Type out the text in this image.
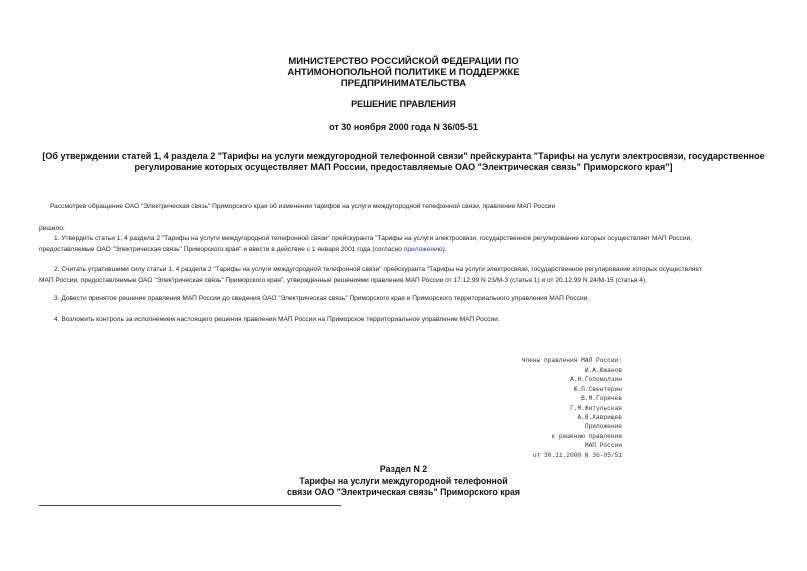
МИНИСТЕРСТВО РОССИЙСКОЙ ФЕДЕРАЦИИ ПО
АНТИМОНОПОЛЬНОЙ ПОЛИТИКЕ И ПОДДЕРЖКЕ
ПРЕДПРИНИМАТЕЛЬСТВА
РЕШЕНИЕ ПРАВЛЕНИЯ
от 30 ноября 2000 года N 36/05-51
[Об утверждении статей 1, 4 раздела 2 "Тарифы на услуги междугородной телефонной связи" прейскуранта "Тарифы на услуги электросвязи, государственное
регулирование которых осуществляет МАП России, предоставляемые ОАО "Электрическая связь" Приморского края"]
Рассмотрев обращение ОАО "Электрическая связь" Приморского края об изменении тарифов на услуги междугородной телефонной связи, правление МАП России
решило:
1. Утвердить статьи 1, 4 раздела 2 "Тарифы на услуги междугородной телефонной связи" прейскуранта "Тарифы на услуги электросвязи, государственное регулирование которых осуществляет МАП России,
предоставляемые ОАО "Электрическая связь" Приморского края" и ввести в действие с 1 января 2001 года (согласно приложению).
2. Считать утратившими силу статьи 1, 4 раздела 2 "Тарифы на услуги междугородной телефонной связи" прейскуранта "Тарифы на услуги электросвязи, государственное регулирование которых осуществляет
МАП России, предоставляемые ОАО "Электрическая связь" Приморского края", утвержденные решениями правления МАП России от 17.12.99 N 23/М-3 (статья 1) и от 20.12.99 N 24/М-15 (статья 4).
3. Довести принятое решение правления МАП России до сведения ОАО "Электрическая связь" Приморского края и Приморского территориального управления МАП России.
4. Возложить контроль за исполнением настоящего решения правления МАП России на Приморское территориальное управление МАП России.
Члены правления МАП России:
И.А.Южанов
А.Н.Голомолзин
Ю.П.Свентерин
В.М.Горячев
Г.М.Житульская
А.В.Хаврищев
Приложение
к решению правления
МАП России
от 30.11.2000 N 36-05/51
Раздел N 2
Тарифы на услуги междугородной телефонной
связи ОАО "Электрическая связь" Приморского края
